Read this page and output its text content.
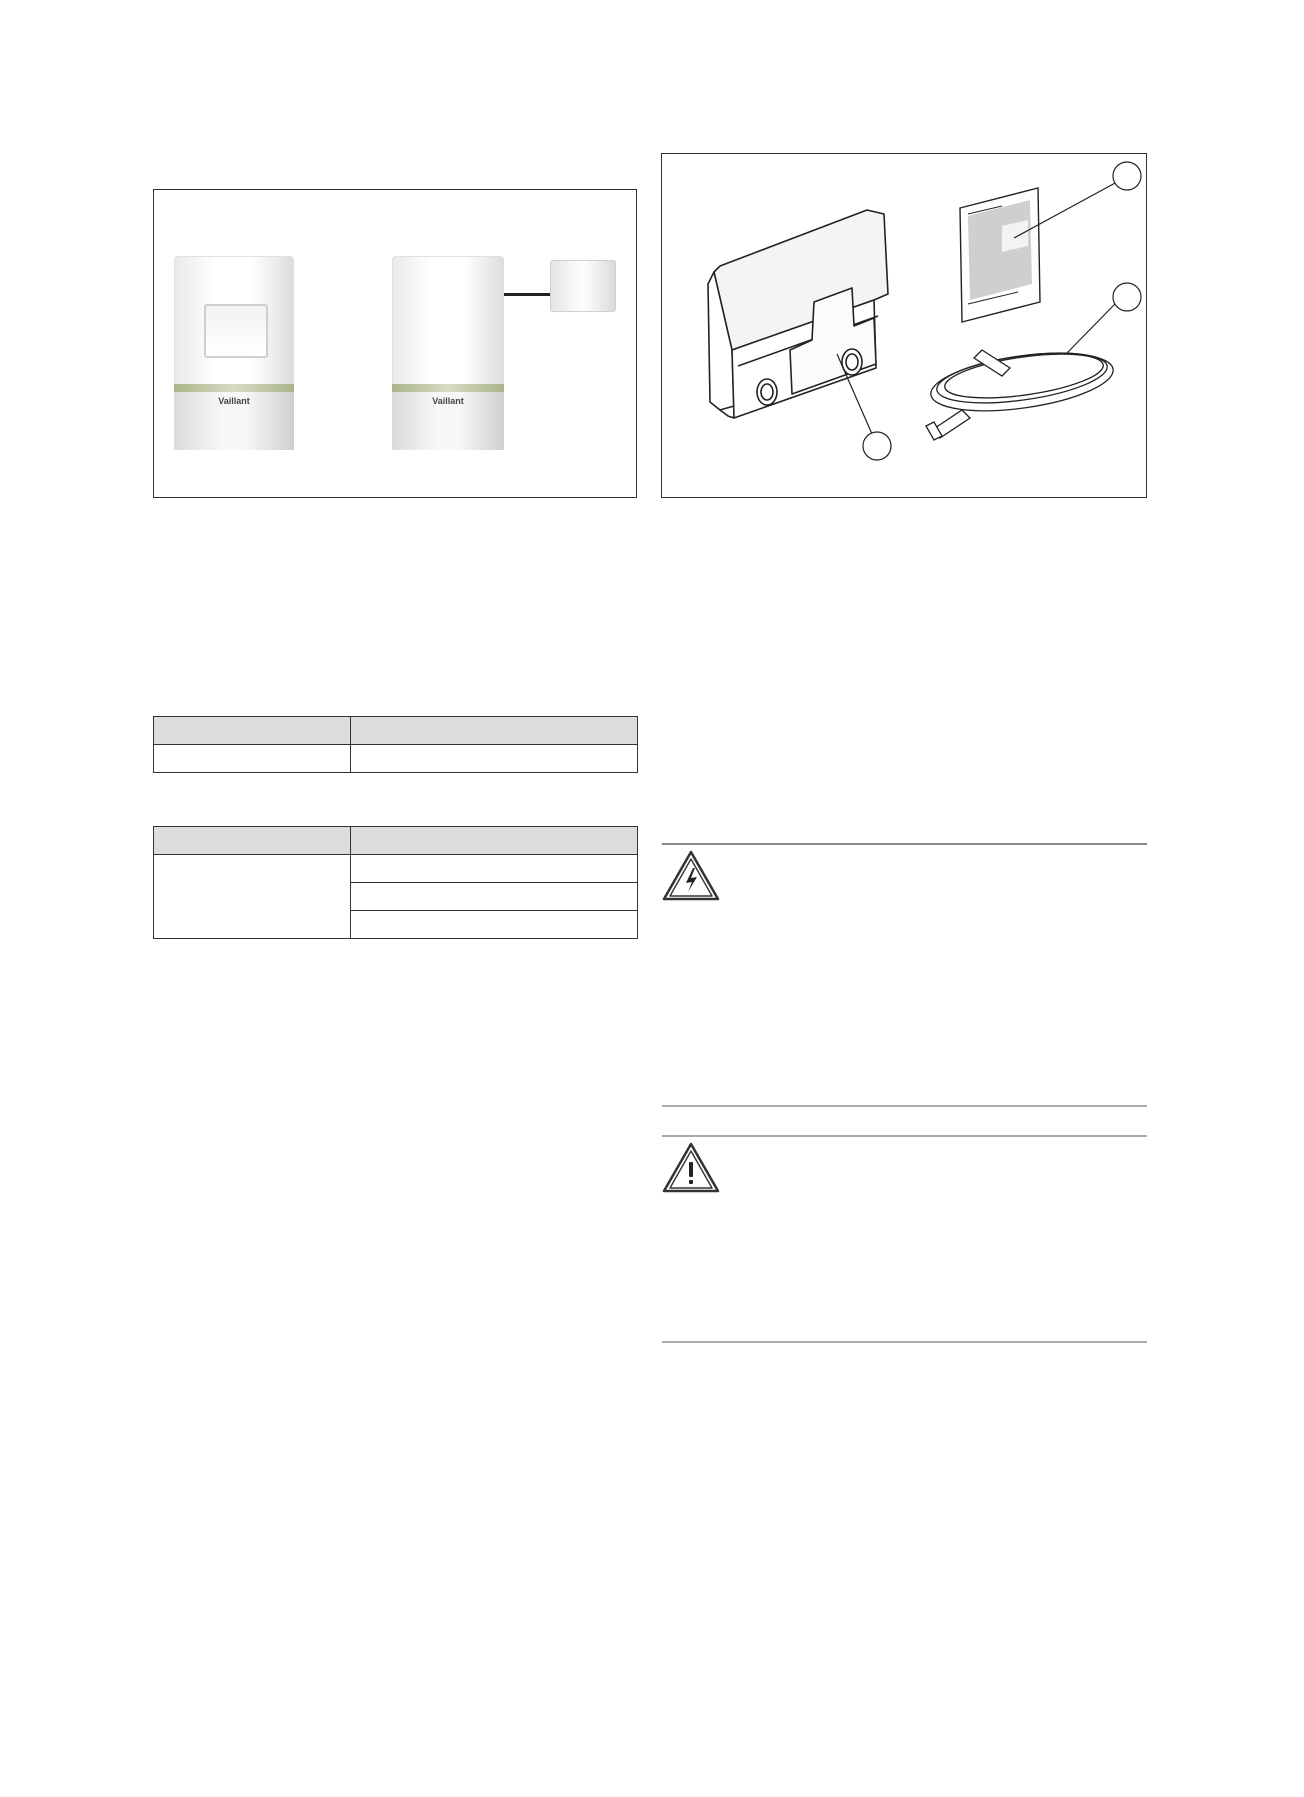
Vaillant	Vaillant
